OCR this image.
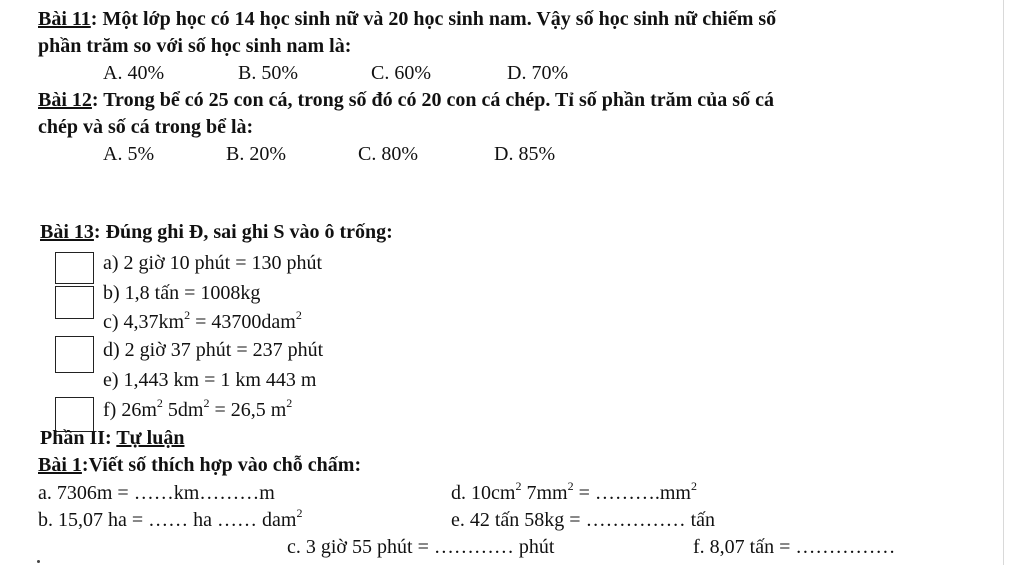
Bài 11: Một lớp học có 14 học sinh nữ và 20 học sinh nam. Vậy số học sinh nữ chiếm số
phần trăm so với số học sinh nam là:
A. 40%	B. 50%	C. 60%	D. 70%
Bài 12: Trong bể có 25 con cá, trong số đó có 20 con cá chép. Tỉ số phần trăm của số cá
chép và số cá trong bể là:
A. 5%	B. 20%	C. 80%	D. 85%
Bài 13: Đúng ghi Đ, sai ghi S vào ô trống:
a) 2 giờ 10 phút = 130 phút
b) 1,8 tấn = 1008kg
c) $4,37km^2 = 43700dam^2$
d) 2 giờ 37 phút = 237 phút
e) 1,443 km = 1 km 443 m
f) $26m^2$ $5dm^2 = 26,5$ $m^2$
Phần II: Tự luận
Bài 1:Viết số thích hợp vào chỗ chấm:
a. 7306m = ……km………m	d. $10cm^2$ $7mm^2$ = $\dots\dots\dots.mm^2$
b. 15,07 ha = …… ha …… dam$^2$	e. 42 tấn 58kg = …………… tấn
c. 3 giờ 55 phút = ………… phút	f. 8,07 tấn = ……………
